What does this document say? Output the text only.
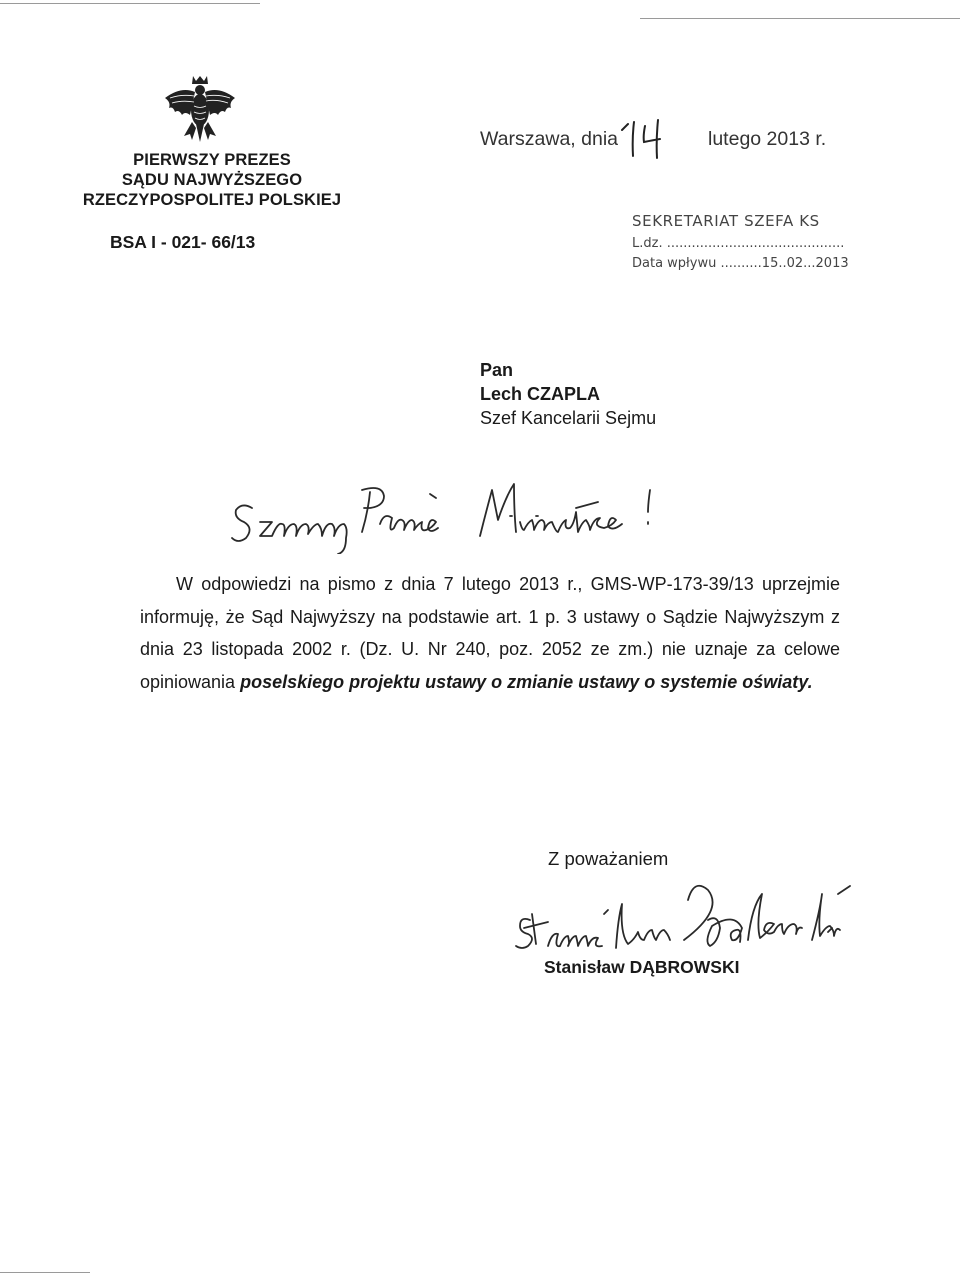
PIERWSZY PREZES
SĄDU NAJWYŻSZEGO
RZECZYPOSPOLITEJ POLSKIEJ
BSA I - 021- 66/13
Warszawa, dnia	lutego 2013 r.
SEKRETARIAT SZEFA KS
L.dz. ...........................................
Data wpływu ..........15..02...2013
Pan
Lech CZAPLA
Szef Kancelarii Sejmu
W odpowiedzi na pismo z dnia 7 lutego 2013 r., GMS-WP-173-39/13 uprzejmie informuję, że Sąd Najwyższy na podstawie art. 1 p. 3 ustawy o Sądzie Najwyższym z dnia 23 listopada 2002 r. (Dz. U. Nr 240, poz. 2052 ze zm.) nie uznaje za celowe opiniowania poselskiego projektu ustawy o zmianie ustawy o systemie oświaty.
Z poważaniem
Stanisław DĄBROWSKI
